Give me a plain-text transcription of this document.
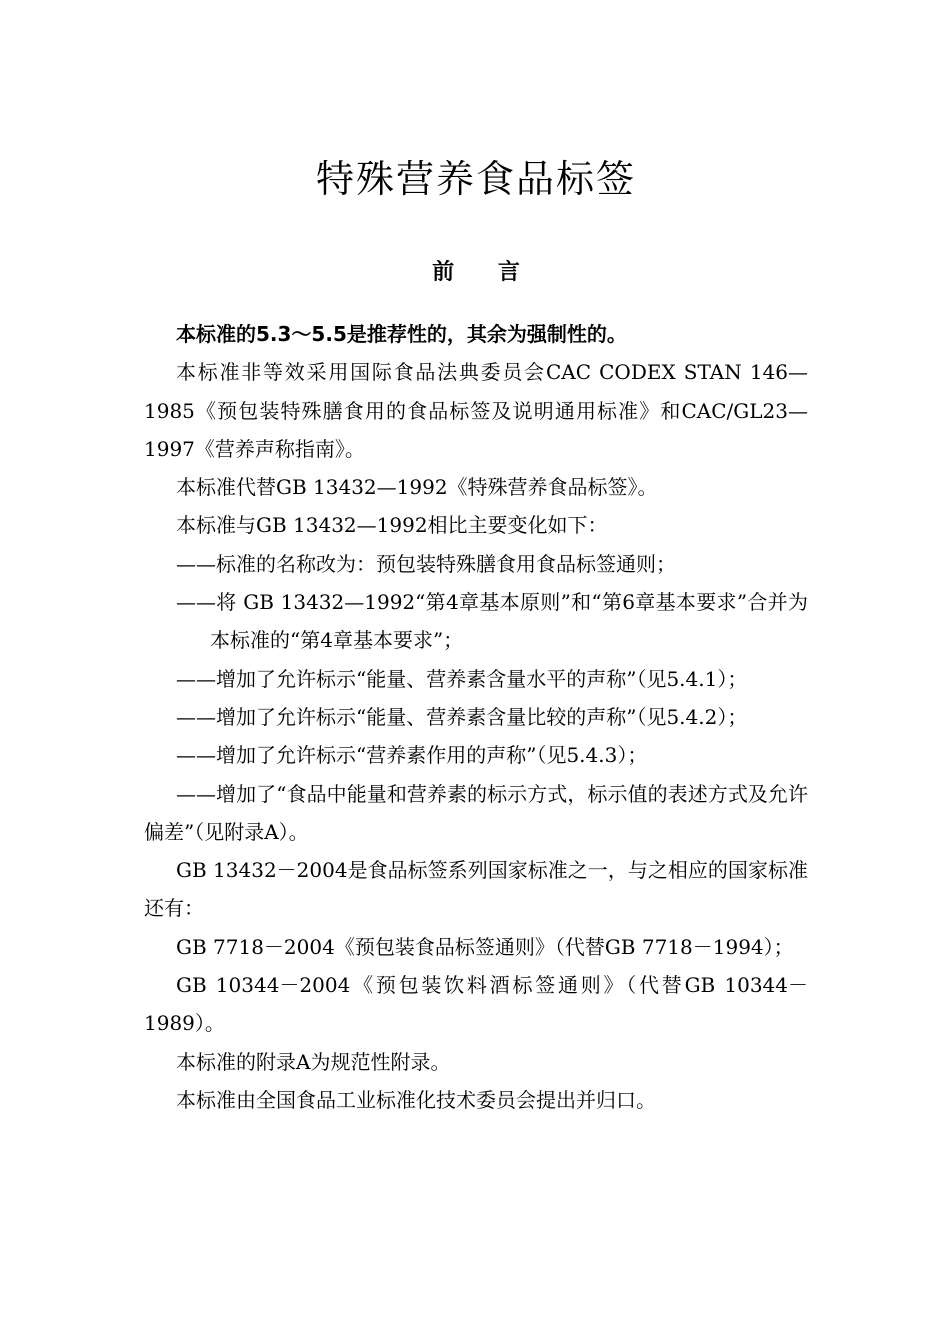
特殊营养食品标签
前 言

本标准的5.3～5.5是推荐性的，其余为强制性的。

本标准非等效采用国际食品法典委员会CAC CODEX STAN 146—1985《预包装特殊膳食用的食品标签及说明通用标准》和CAC/GL23—1997《营养声称指南》。

本标准代替GB 13432—1992《特殊营养食品标签》。

本标准与GB 13432—1992相比主要变化如下：

——标准的名称改为：预包装特殊膳食用食品标签通则；

——将 GB 13432—1992“第4章基本原则”和“第6章基本要求”合并为本标准的“第4章基本要求”；

——增加了允许标示“能量、营养素含量水平的声称”（见5.4.1）；

——增加了允许标示“能量、营养素含量比较的声称”（见5.4.2）；

——增加了允许标示“营养素作用的声称”（见5.4.3）；

——增加了“食品中能量和营养素的标示方式，标示值的表述方式及允许偏差”（见附录A）。

GB 13432－2004是食品标签系列国家标准之一，与之相应的国家标准还有：

GB 7718－2004《预包装食品标签通则》（代替GB 7718－1994）；

GB 10344－2004《预包装饮料酒标签通则》（代替GB 10344－1989）。

本标准的附录A为规范性附录。

本标准由全国食品工业标准化技术委员会提出并归口。
